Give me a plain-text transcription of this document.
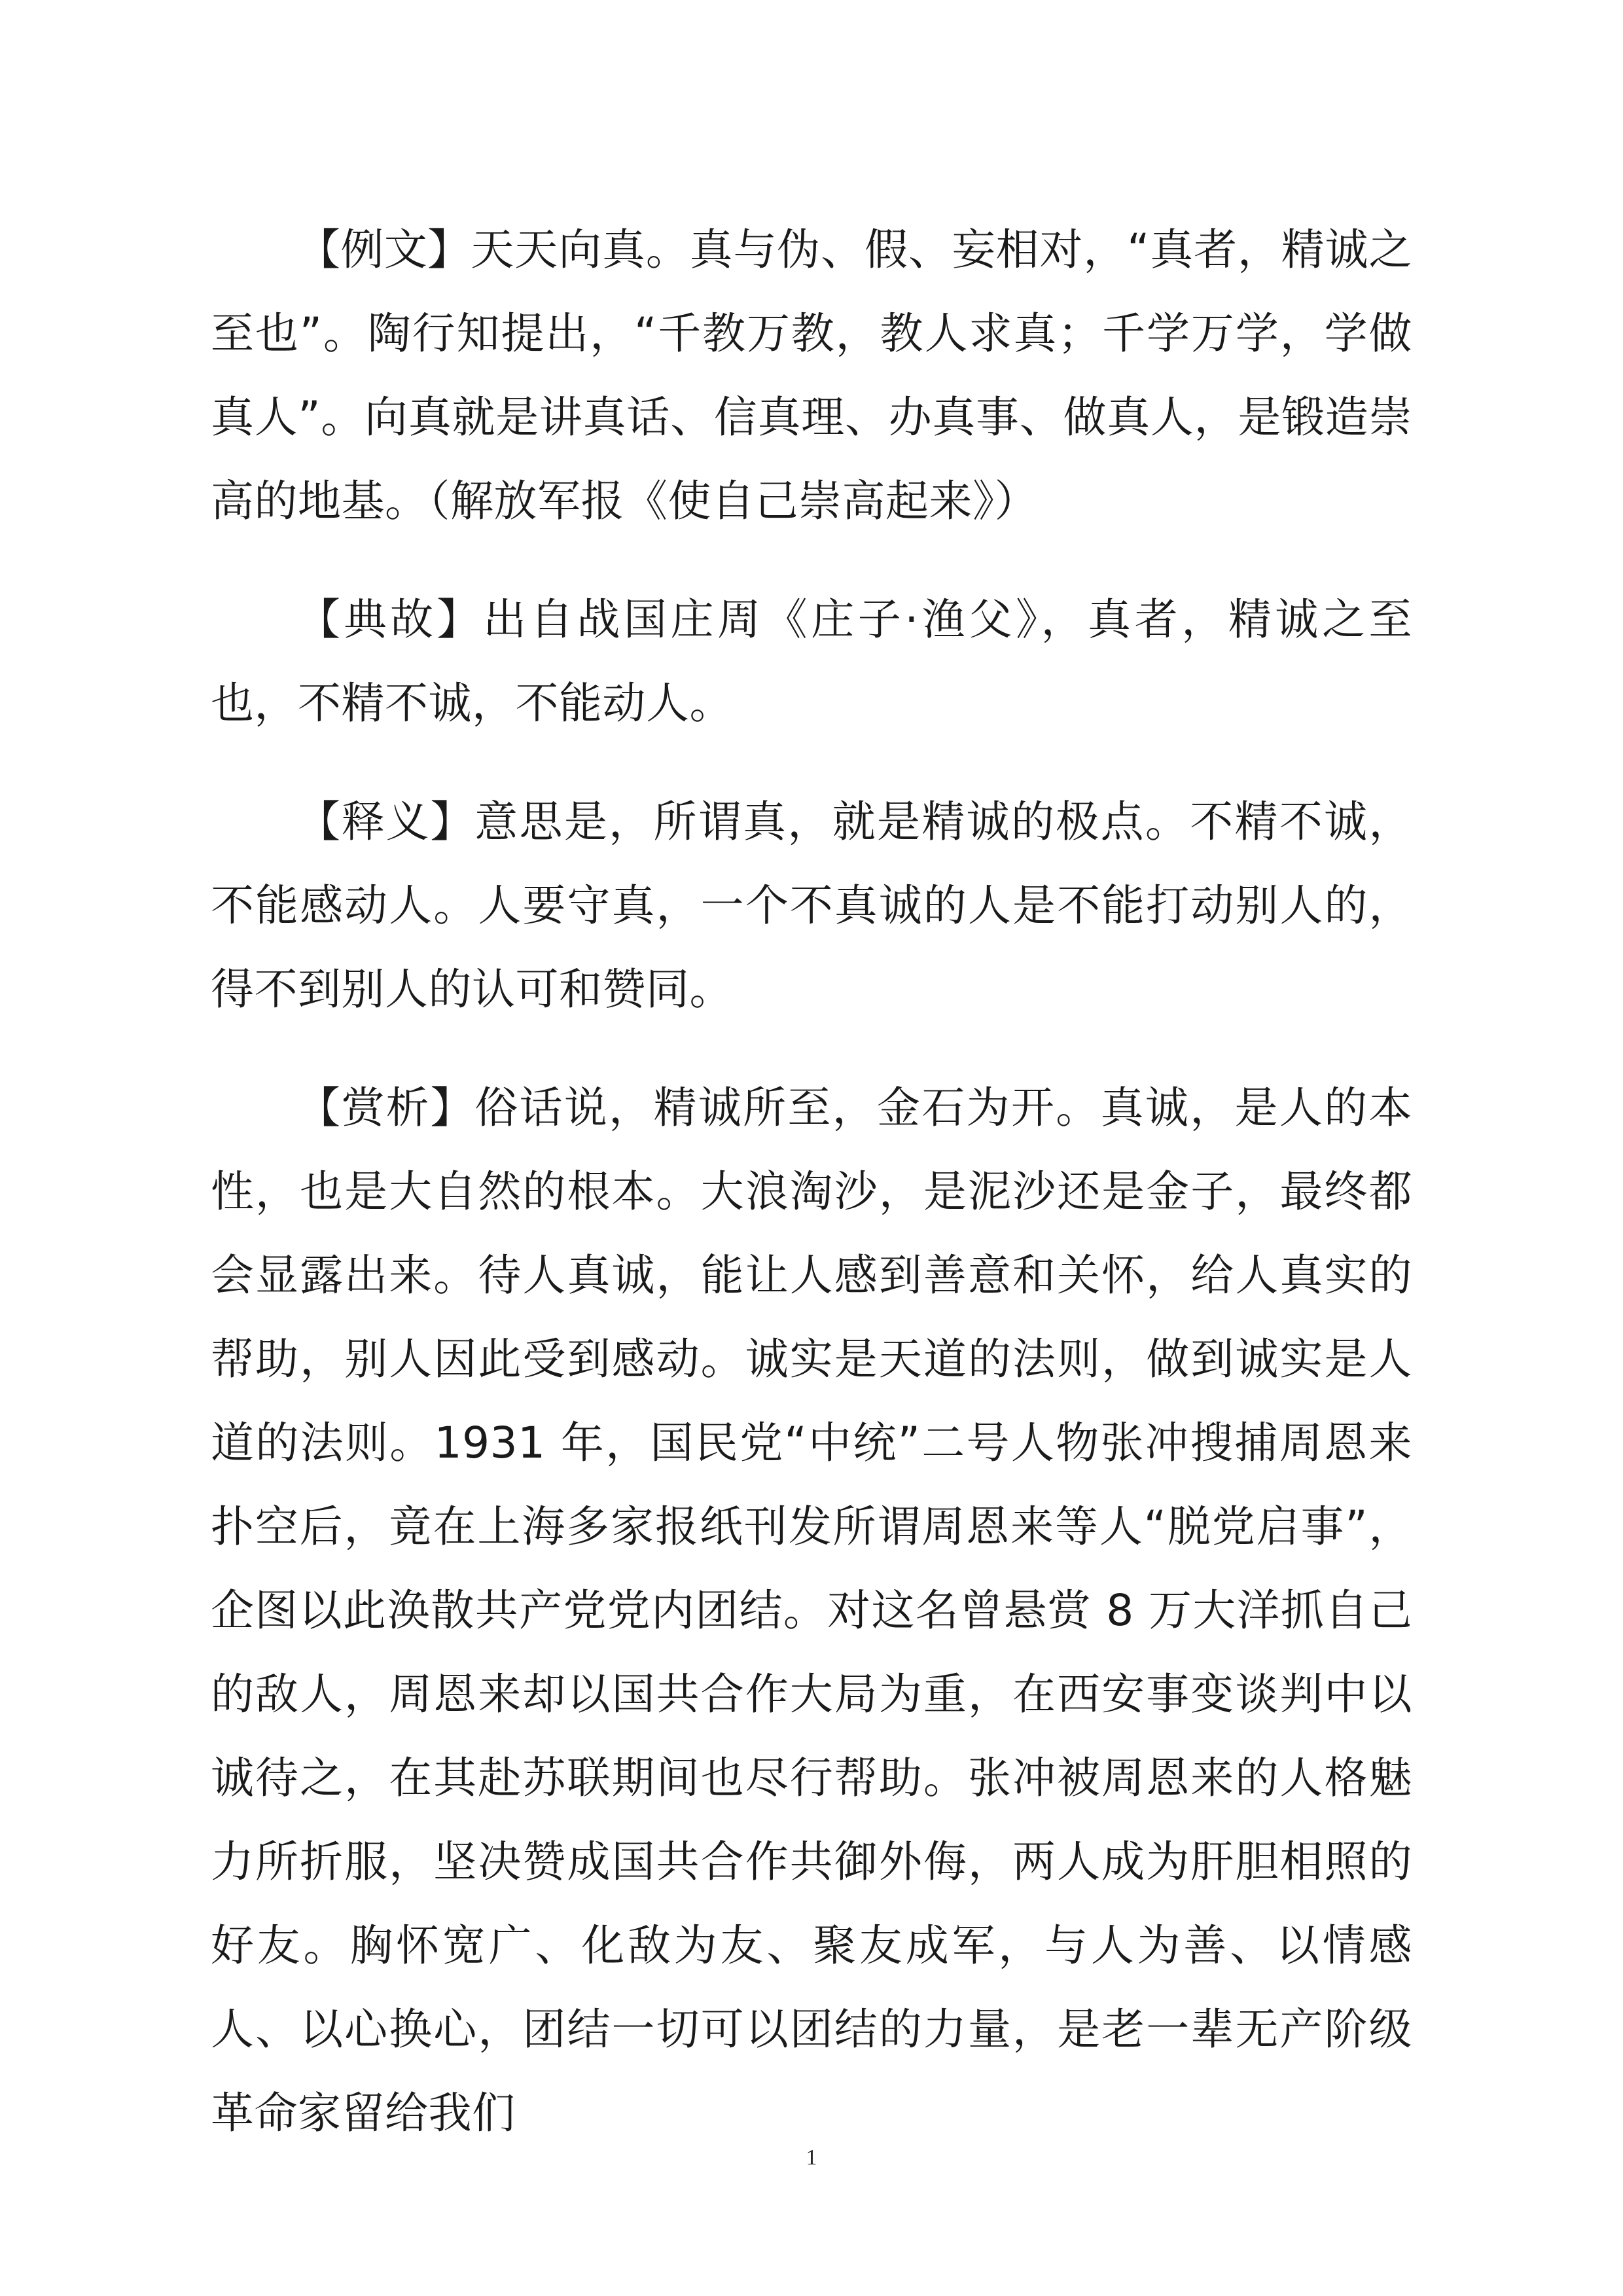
【例文】天天向真。真与伪、假、妄相对，“真者，精诚之至也”。陶行知提出，“千教万教，教人求真；千学万学，学做真人”。向真就是讲真话、信真理、办真事、做真人，是锻造崇高的地基。（解放军报《使自己崇高起来》）

【典故】出自战国庄周《庄子·渔父》，真者，精诚之至也，不精不诚，不能动人。

【释义】意思是，所谓真，就是精诚的极点。不精不诚，不能感动人。人要守真，一个不真诚的人是不能打动别人的，得不到别人的认可和赞同。

【赏析】俗话说，精诚所至，金石为开。真诚，是人的本性，也是大自然的根本。大浪淘沙，是泥沙还是金子，最终都会显露出来。待人真诚，能让人感到善意和关怀，给人真实的帮助，别人因此受到感动。诚实是天道的法则，做到诚实是人道的法则。1931 年，国民党“中统”二号人物张冲搜捕周恩来扑空后，竟在上海多家报纸刊发所谓周恩来等人“脱党启事”，企图以此涣散共产党党内团结。对这名曾悬赏 8 万大洋抓自己的敌人，周恩来却以国共合作大局为重，在西安事变谈判中以诚待之，在其赴苏联期间也尽行帮助。张冲被周恩来的人格魅力所折服，坚决赞成国共合作共御外侮，两人成为肝胆相照的好友。胸怀宽广、化敌为友、聚友成军，与人为善、以情感人、以心换心，团结一切可以团结的力量，是老一辈无产阶级革命家留给我们

1
